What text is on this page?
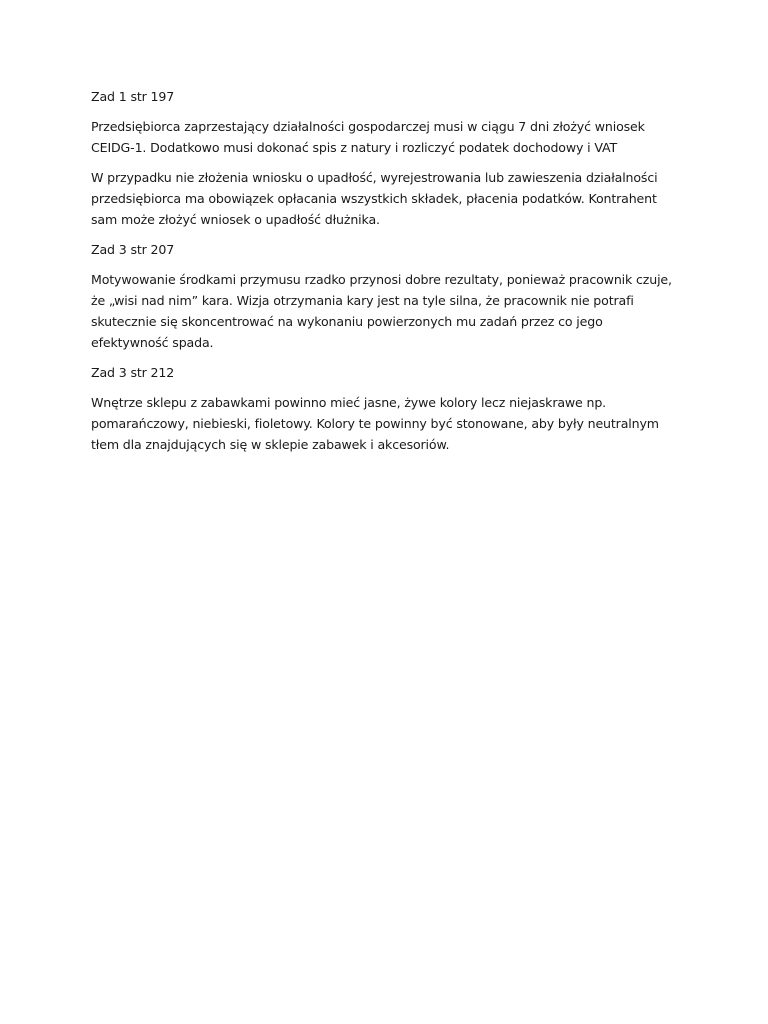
Zad 1 str 197

Przedsiębiorca zaprzestający działalności gospodarczej musi w ciągu 7 dni złożyć wniosek CEIDG-1. Dodatkowo musi dokonać spis z natury i rozliczyć podatek dochodowy i VAT

W przypadku nie złożenia wniosku o upadłość, wyrejestrowania lub zawieszenia działalności przedsiębiorca ma obowiązek opłacania wszystkich składek, płacenia podatków. Kontrahent sam może złożyć wniosek o upadłość dłużnika.

Zad 3 str 207

Motywowanie środkami przymusu rzadko przynosi dobre rezultaty, ponieważ pracownik czuje, że „wisi nad nim” kara. Wizja otrzymania kary jest na tyle silna, że pracownik nie potrafi skutecznie się skoncentrować na wykonaniu powierzonych mu zadań przez co jego efektywność spada.

Zad 3 str 212

Wnętrze sklepu z zabawkami powinno mieć jasne, żywe kolory lecz niejaskrawe np. pomarańczowy, niebieski, fioletowy. Kolory te powinny być stonowane, aby były neutralnym tłem dla znajdujących się w sklepie zabawek i akcesoriów.
